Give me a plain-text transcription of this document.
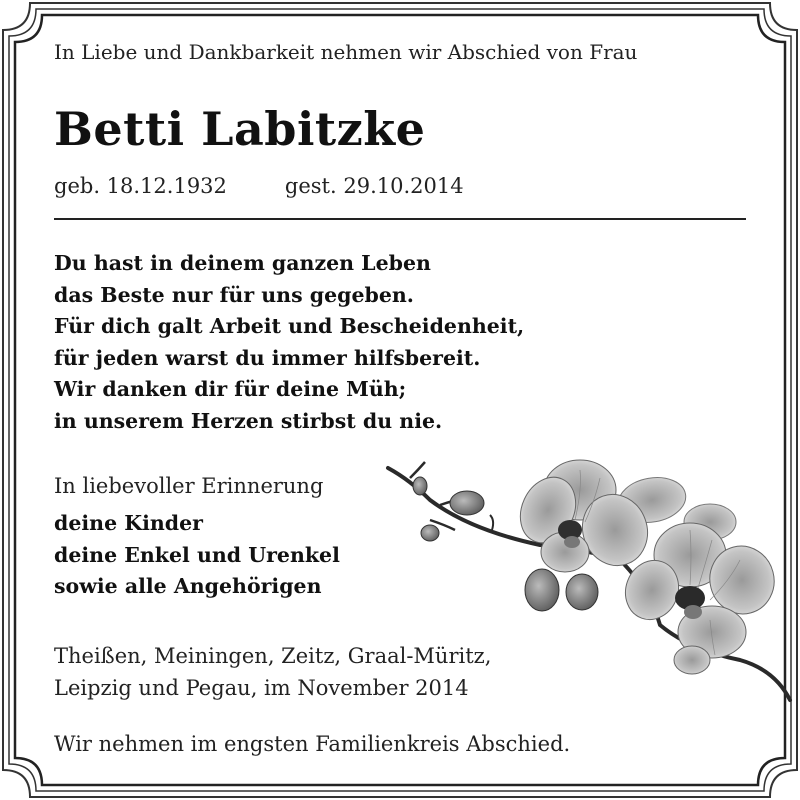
In Liebe und Dankbarkeit nehmen wir Abschied von Frau

Betti Labitzke

geb. 18.12.1932	gest. 29.10.2014

Du hast in deinem ganzen Leben
das Beste nur für uns gegeben.
Für dich galt Arbeit und Bescheidenheit,
für jeden warst du immer hilfsbereit.
Wir danken dir für deine Müh;
in unserem Herzen stirbst du nie.

In liebevoller Erinnerung

deine Kinder
deine Enkel und Urenkel
sowie alle Angehörigen
Theißen, Meiningen, Zeitz, Graal-Müritz,
Leipzig und Pegau, im November 2014

Wir nehmen im engsten Familienkreis Abschied.
